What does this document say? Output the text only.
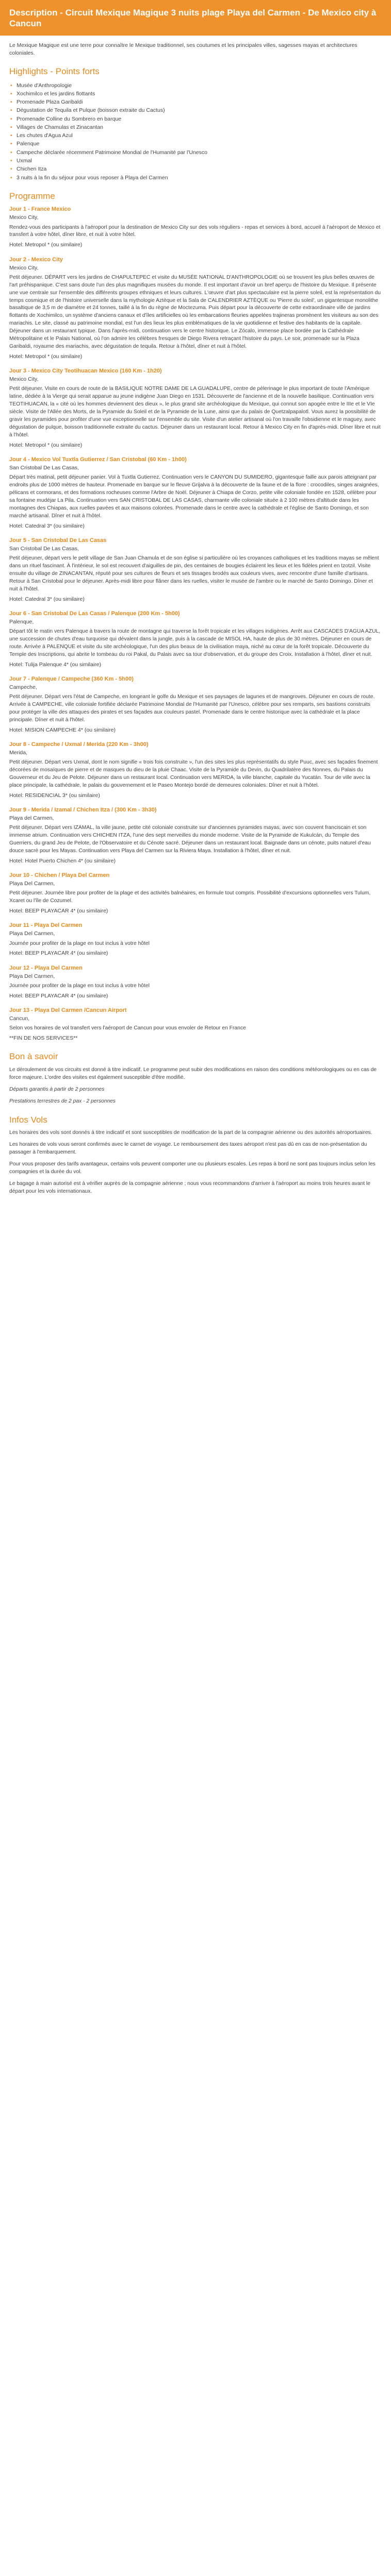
Description - Circuit Mexique Magique 3 nuits plage Playa del Carmen - De Mexico city à Cancun

Le Mexique Magique est une terre pour connaître le Mexique traditionnel, ses coutumes et les principales villes, sagesses mayas et architectures coloniales.

Highlights - Points forts
• Musée d'Anthropologie
• Xochimilco et les jardins flottants
• Promenade Plaza Garibaldi
• Dégustation de Tequila et Pulque (boisson extraite du Cactus)
• Promenade Colline du Sombrero en barque
• Villages de Chamulas et Zinacantan
• Les chutes d'Agua Azul
• Palenque
• Campeche déclarée récemment Patrimoine Mondial de l'Humanité par l'Unesco
• Uxmal
• Chichen Itza
• 3 nuits à la fin du séjour pour vous reposer à Playa del Carmen
Programme

Jour 1 - France Mexico

Mexico City,

Rendez-vous des participants à l'aéroport pour la destination de Mexico City sur des vols réguliers - repas et services à bord, accueil à l'aéroport de Mexico et transfert à votre hôtel, dîner libre, et nuit à votre hôtel.

Hotel: Metropol * (ou similaire)

Jour 2 - Mexico City

Mexico City,

Petit déjeuner. DÉPART vers les jardins de CHAPULTEPEC et visite du MUSÉE NATIONAL D'ANTHROPOLOGIE où se trouvent les plus belles œuvres de l'art préhispanique. C'est sans doute l'un des plus magnifiques musées du monde. Il est important d'avoir un bref aperçu de l'histoire du Mexique. Il présente une vue centrale sur l'ensemble des différents groupes ethniques et leurs cultures. L'œuvre d'art plus spectaculaire est la pierre soleil, est la représentation du temps cosmique et de l'histoire universelle dans la mythologie Aztèque et la Sala de CALENDRIER AZTÈQUE ou 'Pierre du soleil', un gigantesque monolithe basaltique de 3,5 m de diamètre et 24 tonnes, taillé à la fin du règne de Moctezuma. Puis départ pour la découverte de cette extraordinaire ville de jardins flottants de Xochimilco, un système d'anciens canaux et d'îles artificielles où les embarcations fleuries appelées trajineras promènent les visiteurs au son des mariachis. Le site, classé au patrimoine mondial, est l'un des lieux les plus emblématiques de la vie quotidienne et festive des habitants de la capitale. Déjeuner dans un restaurant typique. Dans l'après-midi, continuation vers le centre historique. Le Zócalo, immense place bordée par la Cathédrale Métropolitaine et le Palais National, où l'on admire les célèbres fresques de Diego Rivera retraçant l'histoire du pays. Le soir, promenade sur la Plaza Garibaldi, royaume des mariachis, avec dégustation de tequila. Retour à l'hôtel, dîner et nuit à l'hôtel.

Hotel: Metropol * (ou similaire)

Jour 3 - Mexico City Teotihuacan Mexico (160 Km - 1h20)

Mexico City,

Petit déjeuner. Visite en cours de route de la BASILIQUE NOTRE DAME DE LA GUADALUPE, centre de pèlerinage le plus important de toute l'Amérique latine, dédiée à la Vierge qui serait apparue au jeune indigène Juan Diego en 1531. Découverte de l'ancienne et de la nouvelle basilique. Continuation vers TEOTIHUACAN, la « cité où les hommes deviennent des dieux », le plus grand site archéologique du Mexique, qui connut son apogée entre le IIIe et le VIe siècle. Visite de l'Allée des Morts, de la Pyramide du Soleil et de la Pyramide de la Lune, ainsi que du palais de Quetzalpapalotl. Vous aurez la possibilité de gravir les pyramides pour profiter d'une vue exceptionnelle sur l'ensemble du site. Visite d'un atelier artisanal où l'on travaille l'obsidienne et le maguey, avec dégustation de pulque, boisson traditionnelle extraite du cactus. Déjeuner dans un restaurant local. Retour à Mexico City en fin d'après-midi. Dîner libre et nuit à l'hôtel.

Hotel: Metropol * (ou similaire)

Jour 4 - Mexico Vol Tuxtla Gutierrez / San Cristobal (60 Km - 1h00)

San Cristobal De Las Casas,

Départ très matinal, petit déjeuner panier. Vol à Tuxtla Gutierrez. Continuation vers le CANYON DU SUMIDERO, gigantesque faille aux parois atteignant par endroits plus de 1000 mètres de hauteur. Promenade en barque sur le fleuve Grijalva à la découverte de la faune et de la flore : crocodiles, singes araignées, pélicans et cormorans, et des formations rocheuses comme l'Arbre de Noël. Déjeuner à Chiapa de Corzo, petite ville coloniale fondée en 1528, célèbre pour sa fontaine mudéjar La Pila. Continuation vers SAN CRISTOBAL DE LAS CASAS, charmante ville coloniale située à 2 100 mètres d'altitude dans les montagnes des Chiapas, aux ruelles pavées et aux maisons colorées. Promenade dans le centre avec la cathédrale et l'église de Santo Domingo, et son marché artisanal. Dîner et nuit à l'hôtel.

Hotel: Catedral 3* (ou similaire)

Jour 5 - San Cristobal De Las Casas

San Cristobal De Las Casas,

Petit déjeuner, départ vers le petit village de San Juan Chamula et de son église si particulière où les croyances catholiques et les traditions mayas se mêlent dans un rituel fascinant. À l'intérieur, le sol est recouvert d'aiguilles de pin, des centaines de bougies éclairent les lieux et les fidèles prient en tzotzil. Visite ensuite du village de ZINACANTAN, réputé pour ses cultures de fleurs et ses tissages brodés aux couleurs vives, avec rencontre d'une famille d'artisans. Retour à San Cristobal pour le déjeuner. Après-midi libre pour flâner dans les ruelles, visiter le musée de l'ambre ou le marché de Santo Domingo. Dîner et nuit à l'hôtel.

Hotel: Catedral 3* (ou similaire)

Jour 6 - San Cristobal De Las Casas / Palenque (200 Km - 5h00)

Palenque,

Départ tôt le matin vers Palenque à travers la route de montagne qui traverse la forêt tropicale et les villages indigènes. Arrêt aux CASCADES D'AGUA AZUL, une succession de chutes d'eau turquoise qui dévalent dans la jungle, puis à la cascade de MISOL HA, haute de plus de 30 mètres. Déjeuner en cours de route. Arrivée à PALENQUE et visite du site archéologique, l'un des plus beaux de la civilisation maya, niché au cœur de la forêt tropicale. Découverte du Temple des Inscriptions, qui abrite le tombeau du roi Pakal, du Palais avec sa tour d'observation, et du groupe des Croix. Installation à l'hôtel, dîner et nuit.

Hotel: Tulija Palenque 4* (ou similaire)

Jour 7 - Palenque / Campeche (360 Km - 5h00)

Campeche,

Petit déjeuner. Départ vers l'état de Campeche, en longeant le golfe du Mexique et ses paysages de lagunes et de mangroves. Déjeuner en cours de route. Arrivée à CAMPECHE, ville coloniale fortifiée déclarée Patrimoine Mondial de l'Humanité par l'Unesco, célèbre pour ses remparts, ses bastions construits pour protéger la ville des attaques des pirates et ses façades aux couleurs pastel. Promenade dans le centre historique avec la cathédrale et la place principale. Dîner et nuit à l'hôtel.

Hotel: MISION CAMPECHE 4* (ou similaire)

Jour 8 - Campeche / Uxmal / Merida (220 Km - 3h00)

Merida,

Petit déjeuner. Départ vers Uxmal, dont le nom signifie « trois fois construite », l'un des sites les plus représentatifs du style Puuc, avec ses façades finement décorées de mosaïques de pierre et de masques du dieu de la pluie Chaac. Visite de la Pyramide du Devin, du Quadrilatère des Nonnes, du Palais du Gouverneur et du Jeu de Pelote. Déjeuner dans un restaurant local. Continuation vers MERIDA, la ville blanche, capitale du Yucatán. Tour de ville avec la place principale, la cathédrale, le palais du gouvernement et le Paseo Montejo bordé de demeures coloniales. Dîner et nuit à l'hôtel.

Hotel: RESIDENCIAL 3* (ou similaire)

Jour 9 - Merida / Izamal / Chichen Itza / (300 Km - 3h30)

Playa del Carmen,

Petit déjeuner. Départ vers IZAMAL, la ville jaune, petite cité coloniale construite sur d'anciennes pyramides mayas, avec son couvent franciscain et son immense atrium. Continuation vers CHICHEN ITZA, l'une des sept merveilles du monde moderne. Visite de la Pyramide de Kukulcán, du Temple des Guerriers, du grand Jeu de Pelote, de l'Observatoire et du Cénote sacré. Déjeuner dans un restaurant local. Baignade dans un cénote, puits naturel d'eau douce sacré pour les Mayas. Continuation vers Playa del Carmen sur la Riviera Maya. Installation à l'hôtel, dîner et nuit.

Hotel: Hotel Puerto Chichen 4* (ou similaire)

Jour 10 - Chichen / Playa Del Carmen

Playa Del Carmen,

Petit déjeuner. Journée libre pour profiter de la plage et des activités balnéaires, en formule tout compris. Possibilité d'excursions optionnelles vers Tulum, Xcaret ou l'île de Cozumel.

Hotel: BEEP PLAYACAR 4* (ou similaire)

Jour 11 - Playa Del Carmen

Playa Del Carmen,

Journée pour profiter de la plage en tout inclus à votre hôtel

Hotel: BEEP PLAYACAR 4* (ou similaire)

Jour 12 - Playa Del Carmen

Playa Del Carmen,

Journée pour profiter de la plage en tout inclus à votre hôtel

Hotel: BEEP PLAYACAR 4* (ou similaire)

Jour 13 - Playa Del Carmen /Cancun Airport

Cancun,

Selon vos horaires de vol transfert vers l'aéroport de Cancun pour vous envoler de Retour en France

**FIN DE NOS SERVICES**

Bon à savoir

Le déroulement de vos circuits est donné à titre indicatif. Le programme peut subir des modifications en raison des conditions météorologiques ou en cas de force majeure. L'ordre des visites est également susceptible d'être modifié.

Départs garantis à partir de 2 personnes

Prestations terrestres de 2 pax - 2 personnes

Infos Vols

Les horaires des vols sont donnés à titre indicatif et sont susceptibles de modification de la part de la compagnie aérienne ou des autorités aéroportuaires.

Les horaires de vols vous seront confirmés avec le carnet de voyage. Le remboursement des taxes aéroport n'est pas dû en cas de non-présentation du passager à l'embarquement.

Pour vous proposer des tarifs avantageux, certains vols peuvent comporter une ou plusieurs escales. Les repas à bord ne sont pas toujours inclus selon les compagnies et la durée du vol.

Le bagage à main autorisé est à vérifier auprès de la compagnie aérienne ; nous vous recommandons d'arriver à l'aéroport au moins trois heures avant le départ pour les vols internationaux.
